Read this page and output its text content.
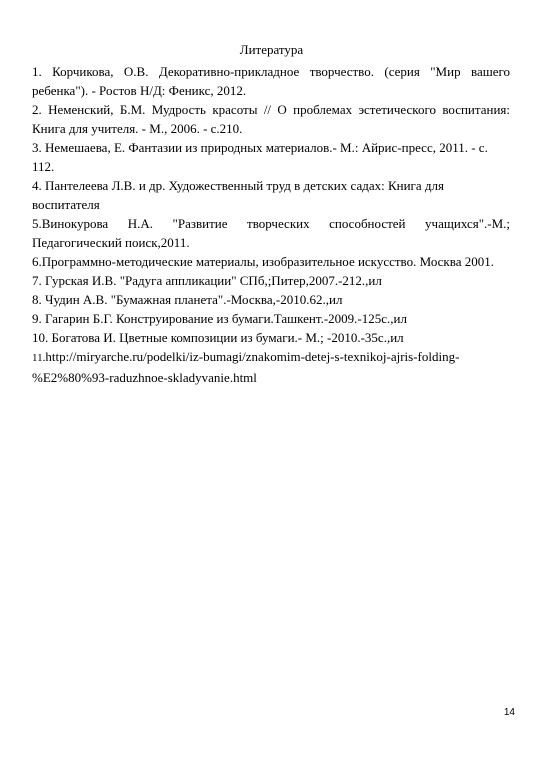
Литература
1. Корчикова, О.В. Декоративно-прикладное творчество. (серия "Мир вашего
ребенка"). - Ростов Н/Д: Феникс, 2012.
2. Неменский, Б.М. Мудрость красоты // О проблемах эстетического воспитания:
Книга для учителя. - М., 2006. - с.210.
3. Немешаева, Е. Фантазии из природных материалов.- М.: Айрис-пресс, 2011. - с. 112.
4. Пантелеева Л.В. и др. Художественный труд в детских садах: Книга для воспитателя
5.Винокурова Н.А. "Развитие творческих способностей учащихся".-М.;
Педагогический поиск,2011.
6.Программно-методические материалы, изобразительное искусство. Москва 2001.
7. Гурская И.В. "Радуга аппликации" СПб,;Питер,2007.-212.,ил
8. Чудин А.В. "Бумажная планета".-Москва,-2010.62.,ил
9. Гагарин Б.Г. Конструирование из бумаги.Ташкент.-2009.-125с.,ил
10. Богатова И. Цветные композиции из бумаги.- М.; -2010.-35с.,ил
11.http://miryarche.ru/podelki/iz-bumagi/znakomim-detej-s-texnikoj-ajris-folding-
%E2%80%93-raduzhnoe-skladyvanie.html
14
